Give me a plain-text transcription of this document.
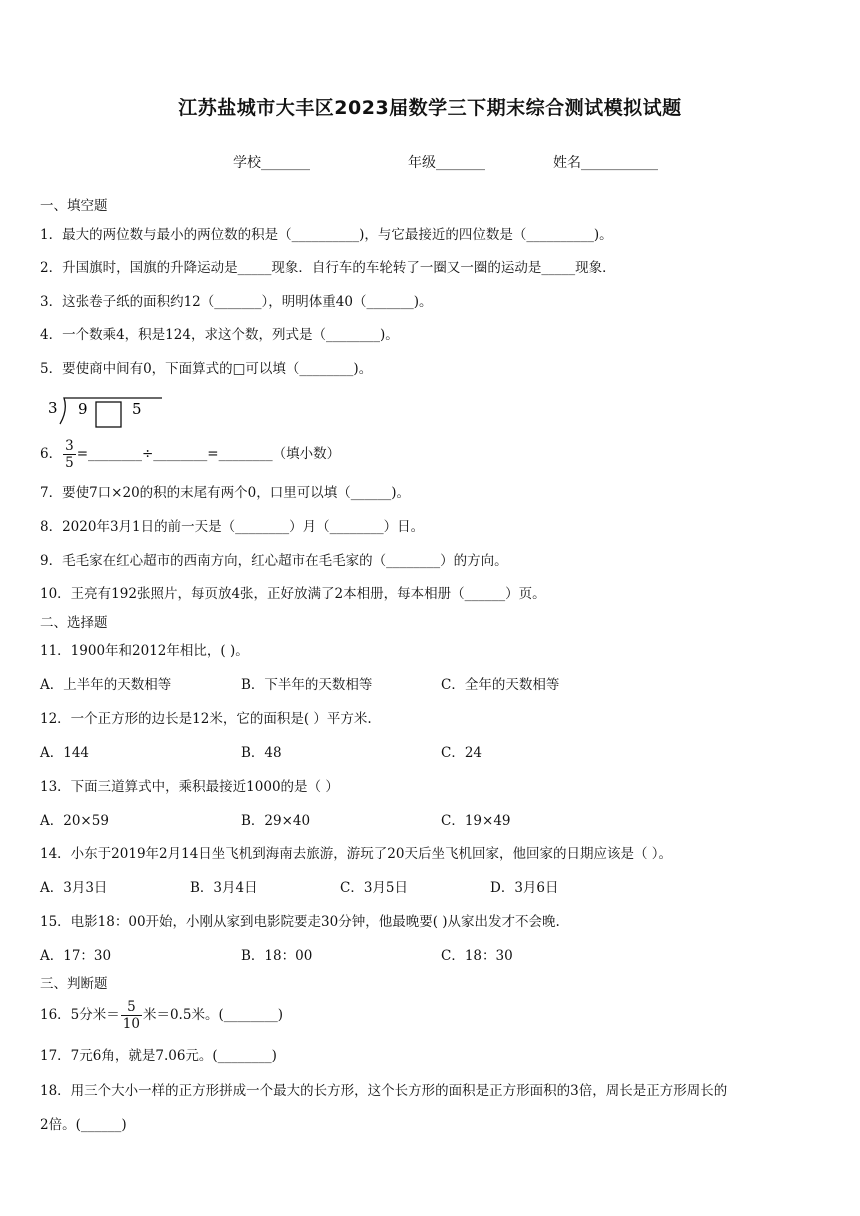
江苏盐城市大丰区2023届数学三下期末综合测试模拟试题
学校_______	年级_______	姓名___________
一、填空题
1．最大的两位数与最小的两位数的积是（__________)，与它最接近的四位数是（__________)。
2．升国旗时，国旗的升降运动是_____现象．自行车的车轮转了一圈又一圈的运动是_____现象．
3．这张卷子纸的面积约12（_______），明明体重40（_______)。
4．一个数乘4，积是124，求这个数，列式是（________)。
5．要使商中间有0，下面算式的□可以填（________)。
3 9	5
6． $\frac{3}{5}$ =________÷________=________（填小数）
7．要使7口×20的积的末尾有两个0，口里可以填（______)。
8．2020年3月1日的前一天是（________）月（________）日。
9．毛毛家在红心超市的西南方向，红心超市在毛毛家的（________）的方向。
10．王亮有192张照片，每页放4张，正好放满了2本相册，每本相册（______）页。
二、选择题
11．1900年和2012年相比，( )。
A．上半年的天数相等	B．下半年的天数相等	C．全年的天数相等
12．一个正方形的边长是12米，它的面积是( ）平方米.
A．144	B．48	C．24
13．下面三道算式中，乘积最接近1000的是（ ）
A．20×59	B．29×40	C．19×49
14．小东于2019年2月14日坐飞机到海南去旅游，游玩了20天后坐飞机回家，他回家的日期应该是（ ）。
A．3月3日	B．3月4日	C．3月5日	D．3月6日
15．电影18：00开始，小刚从家到电影院要走30分钟，他最晚要( )从家出发才不会晚.
A．17：30	B．18：00	C．18：30
三、判断题
16．5分米＝ $\frac{5}{10}$ 米＝0.5米。(________)
17．7元6角，就是7.06元。(________)
18．用三个大小一样的正方形拼成一个最大的长方形，这个长方形的面积是正方形面积的3倍，周长是正方形周长的
2倍。(______)
